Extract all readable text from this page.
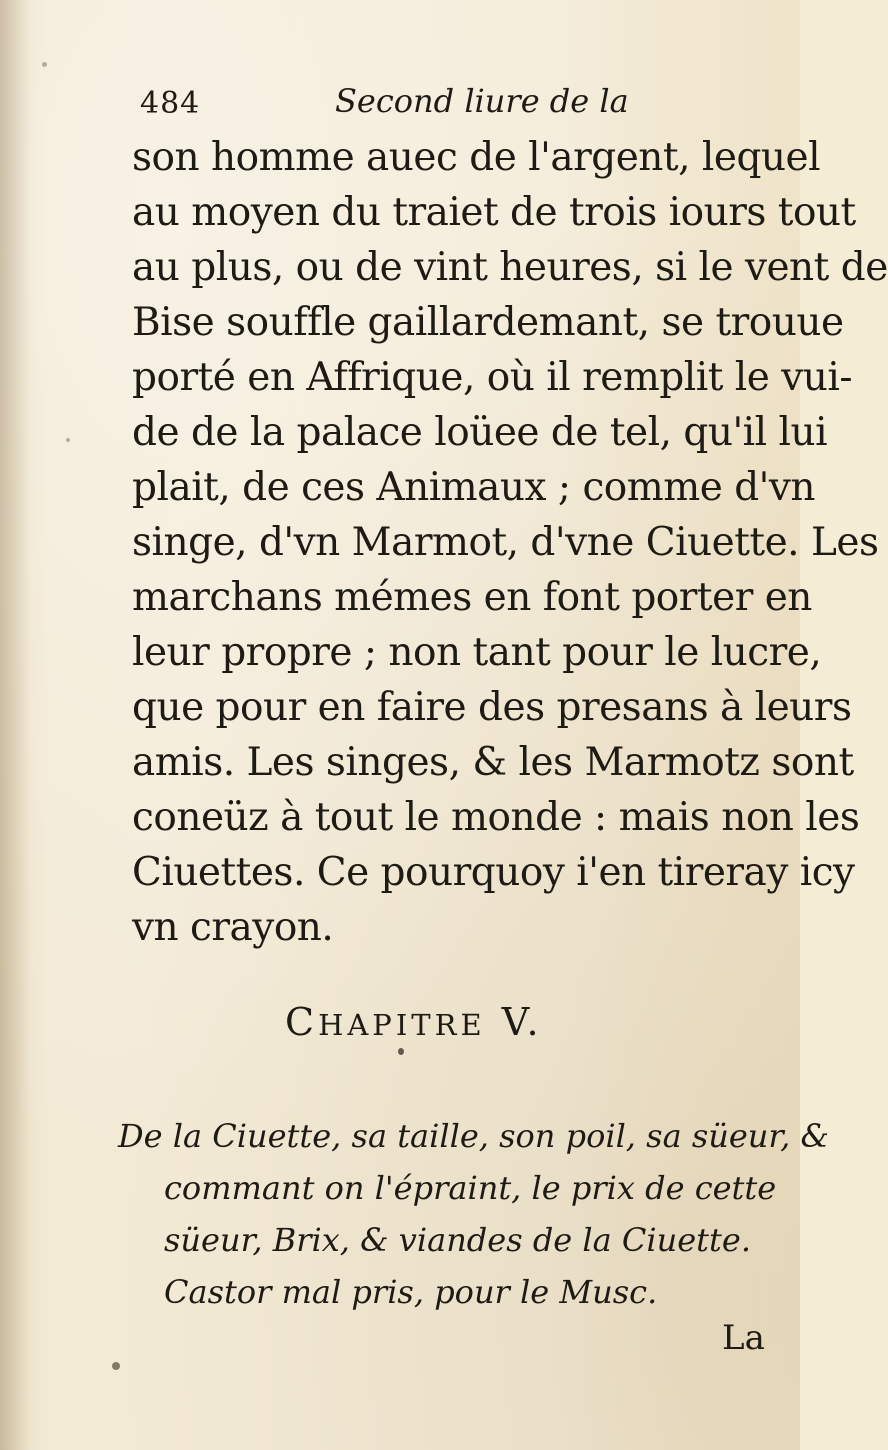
484	Second liure de la
son homme auec de l'argent, lequel
au moyen du traiet de trois iours tout
au plus, ou de vint heures, si le vent de
Bise souffle gaillardemant, se trouue
porté en Affrique, où il remplit le vui-
de de la palace loüee de tel, qu'il lui
plait, de ces Animaux ; comme d'vn
singe, d'vn Marmot, d'vne Ciuette. Les
marchans mémes en font porter en
leur propre ; non tant pour le lucre,
que pour en faire des presans à leurs
amis. Les singes, & les Marmotz sont
coneüz à tout le monde : mais non les
Ciuettes. Ce pourquoy i'en tireray icy
vn crayon.
CHAPITRE V.
De la Ciuette, sa taille, son poil, sa süeur, &
commant on l'épraint, le prix de cette
süeur, Brix, & viandes de la Ciuette.
Castor mal pris, pour le Musc.
La
